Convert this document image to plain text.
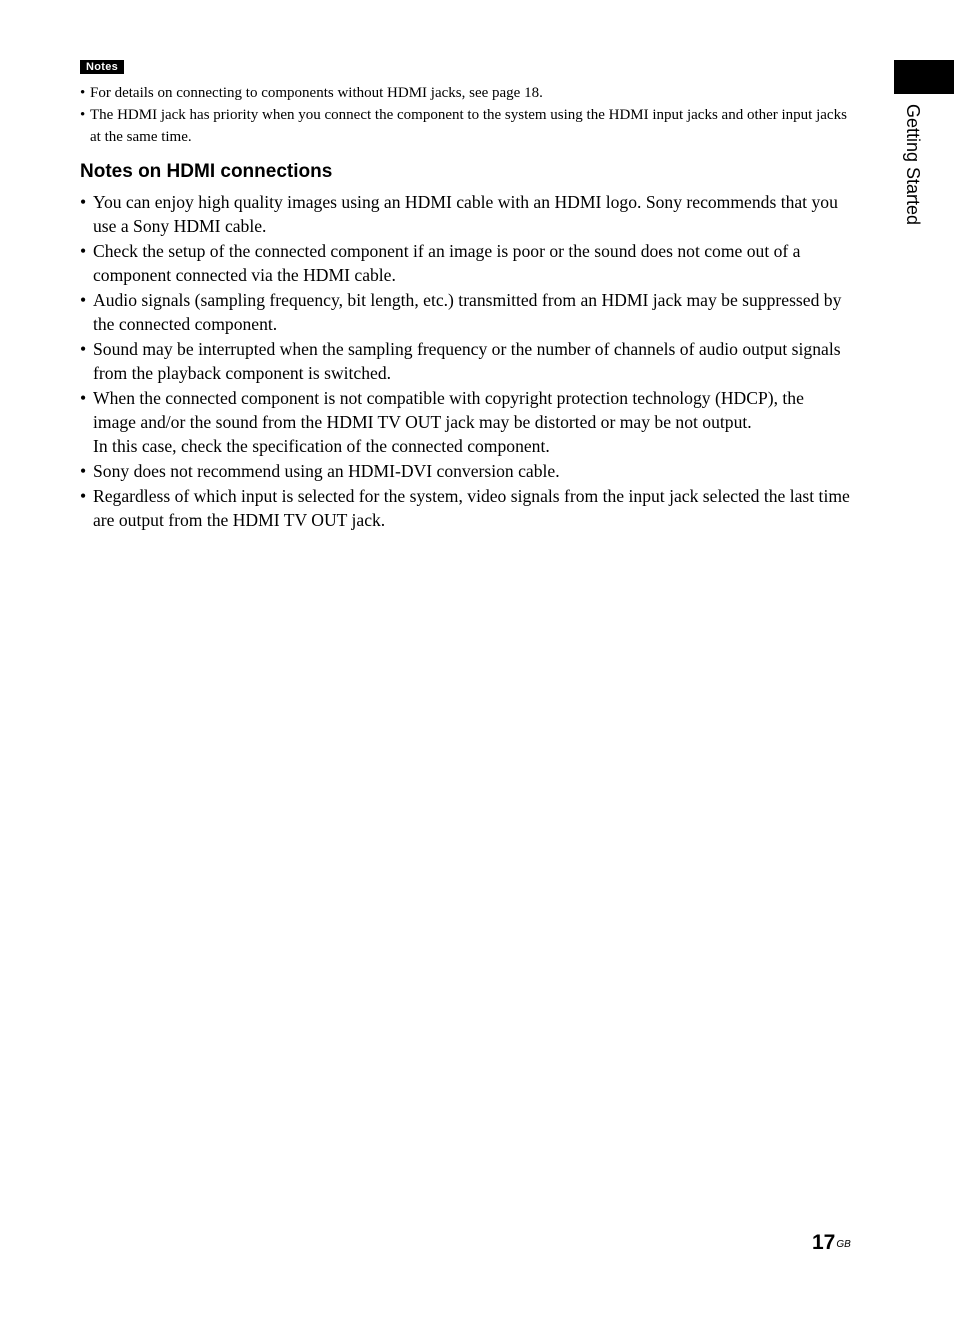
Notes
• For details on connecting to components without HDMI jacks, see page 18.
• The HDMI jack has priority when you connect the component to the system using the HDMI input jacks and other input jacks at the same time.
Notes on HDMI connections
• You can enjoy high quality images using an HDMI cable with an HDMI logo. Sony recommends that you use a Sony HDMI cable.
• Check the setup of the connected component if an image is poor or the sound does not come out of a component connected via the HDMI cable.
• Audio signals (sampling frequency, bit length, etc.) transmitted from an HDMI jack may be suppressed by the connected component.
• Sound may be interrupted when the sampling frequency or the number of channels of audio output signals from the playback component is switched.
• When the connected component is not compatible with copyright protection technology (HDCP), the image and/or the sound from the HDMI TV OUT jack may be distorted or may be not output.
In this case, check the specification of the connected component.
• Sony does not recommend using an HDMI-DVI conversion cable.
• Regardless of which input is selected for the system, video signals from the input jack selected the last time are output from the HDMI TV OUT jack.
Getting Started
$17^{GB}$
